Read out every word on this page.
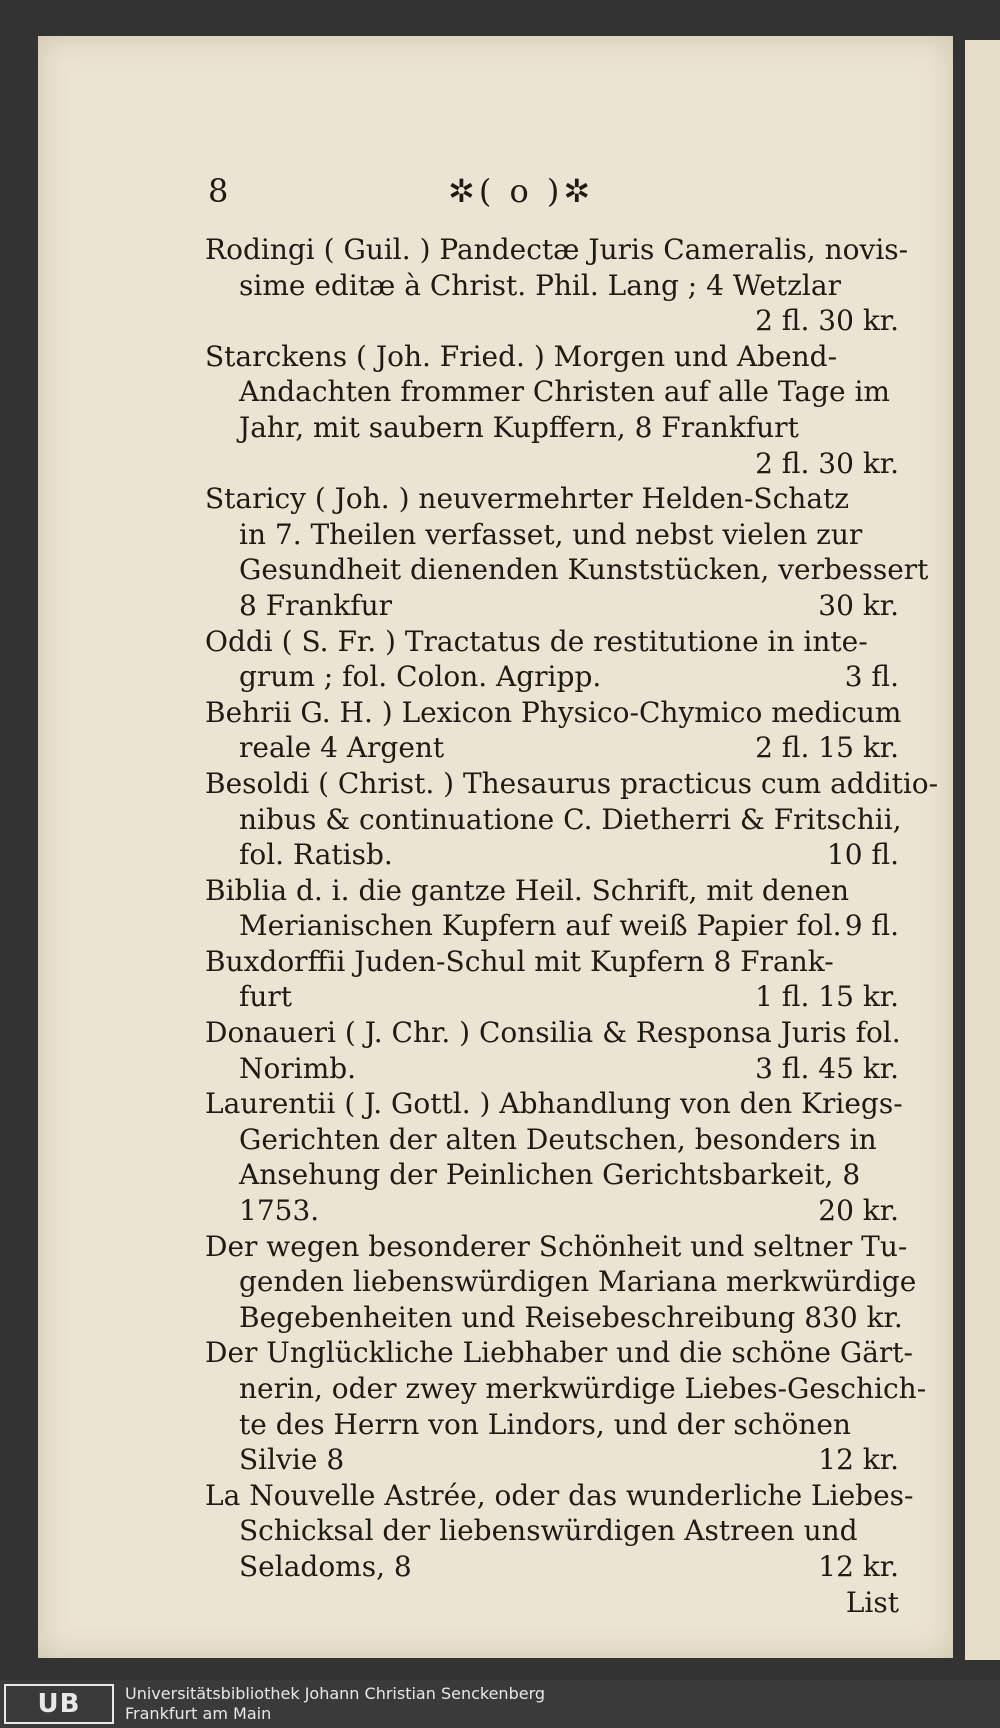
8	✲( o )✲
Rodingi ( Guil. ) Pandectæ Juris Cameralis, novis-
sime editæ à Christ. Phil. Lang ; 4 Wetzlar
2 fl. 30 kr.
Starckens ( Joh. Fried. ) Morgen und Abend-
Andachten frommer Christen auf alle Tage im
Jahr, mit saubern Kupffern, 8 Frankfurt
2 fl. 30 kr.
Staricy ( Joh. ) neuvermehrter Helden-Schatz
in 7. Theilen verfasset, und nebst vielen zur
Gesundheit dienenden Kunststücken, verbessert
8 Frankfur	30 kr.
Oddi ( S. Fr. ) Tractatus de restitutione in inte-
grum ; fol. Colon. Agripp.	3 fl.
Behrii G. H. ) Lexicon Physico-Chymico medicum
reale 4 Argent	2 fl. 15 kr.
Besoldi ( Christ. ) Thesaurus practicus cum additio-
nibus & continuatione C. Dietherri & Fritschii,
fol. Ratisb.	10 fl.
Biblia d. i. die gantze Heil. Schrift, mit denen
Merianischen Kupfern auf weiß Papier fol. 9 fl.
Buxdorffii Juden-Schul mit Kupfern 8 Frank-
furt	1 fl. 15 kr.
Donaueri ( J. Chr. ) Consilia & Responsa Juris fol.
Norimb.	3 fl. 45 kr.
Laurentii ( J. Gottl. ) Abhandlung von den Kriegs-
Gerichten der alten Deutschen, besonders in
Ansehung der Peinlichen Gerichtsbarkeit, 8
1753.	20 kr.
Der wegen besonderer Schönheit und seltner Tu-
genden liebenswürdigen Mariana merkwürdige
Begebenheiten und Reisebeschreibung 8 30 kr.
Der Unglückliche Liebhaber und die schöne Gärt-
nerin, oder zwey merkwürdige Liebes-Geschich-
te des Herrn von Lindors, und der schönen
Silvie 8	12 kr.
La Nouvelle Astrée, oder das wunderliche Liebes-
Schicksal der liebenswürdigen Astreen und
Seladoms, 8	12 kr.
List
UB	Universitätsbibliothek Johann Christian Senckenberg
Frankfurt am Main
